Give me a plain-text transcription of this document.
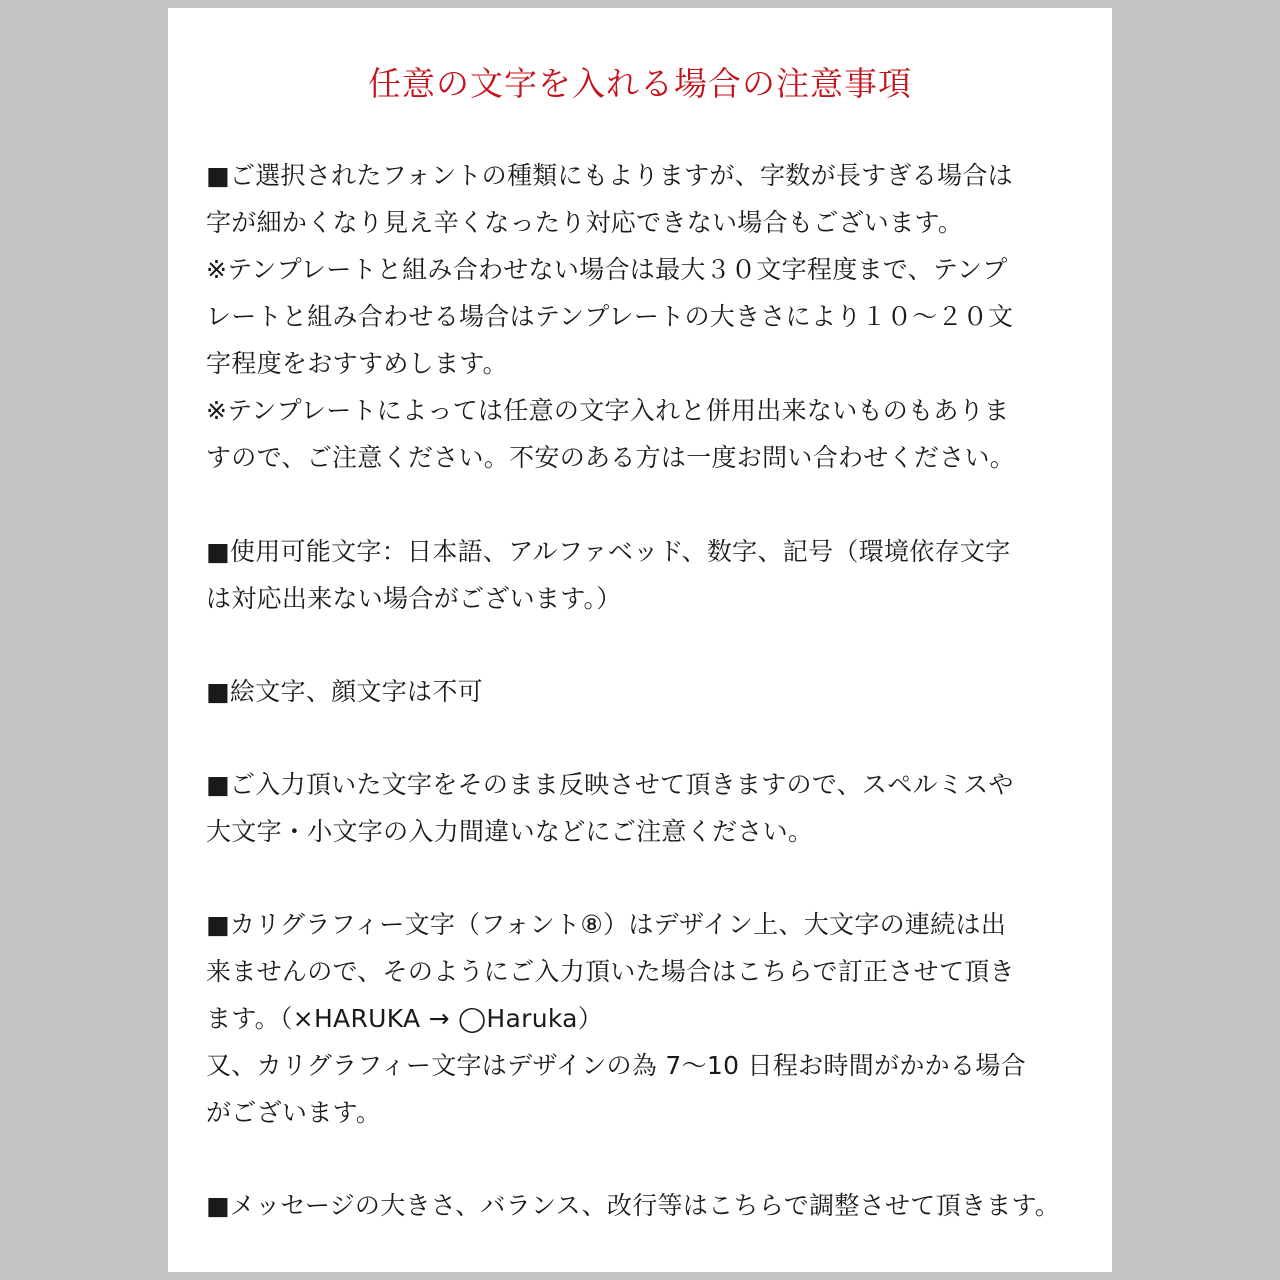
任意の文字を入れる場合の注意事項
■ご選択されたフォントの種類にもよりますが、字数が長すぎる場合は
字が細かくなり見え辛くなったり対応できない場合もございます。
※テンプレートと組み合わせない場合は最大３０文字程度まで、テンプ
レートと組み合わせる場合はテンプレートの大きさにより１０～２０文
字程度をおすすめします。
※テンプレートによっては任意の文字入れと併用出来ないものもありま
すので、ご注意ください。不安のある方は一度お問い合わせください。
■使用可能文字：日本語、アルファベッド、数字、記号（環境依存文字
は対応出来ない場合がございます。）
■絵文字、顔文字は不可
■ご入力頂いた文字をそのまま反映させて頂きますので、スペルミスや
大文字・小文字の入力間違いなどにご注意ください。
■カリグラフィー文字（フォント⑧）はデザイン上、大文字の連続は出
来ませんので、そのようにご入力頂いた場合はこちらで訂正させて頂き
ます。（×HARUKA → ◯Haruka）
又、カリグラフィー文字はデザインの為 7～10 日程お時間がかかる場合
がございます。
■メッセージの大きさ、バランス、改行等はこちらで調整させて頂きます。
